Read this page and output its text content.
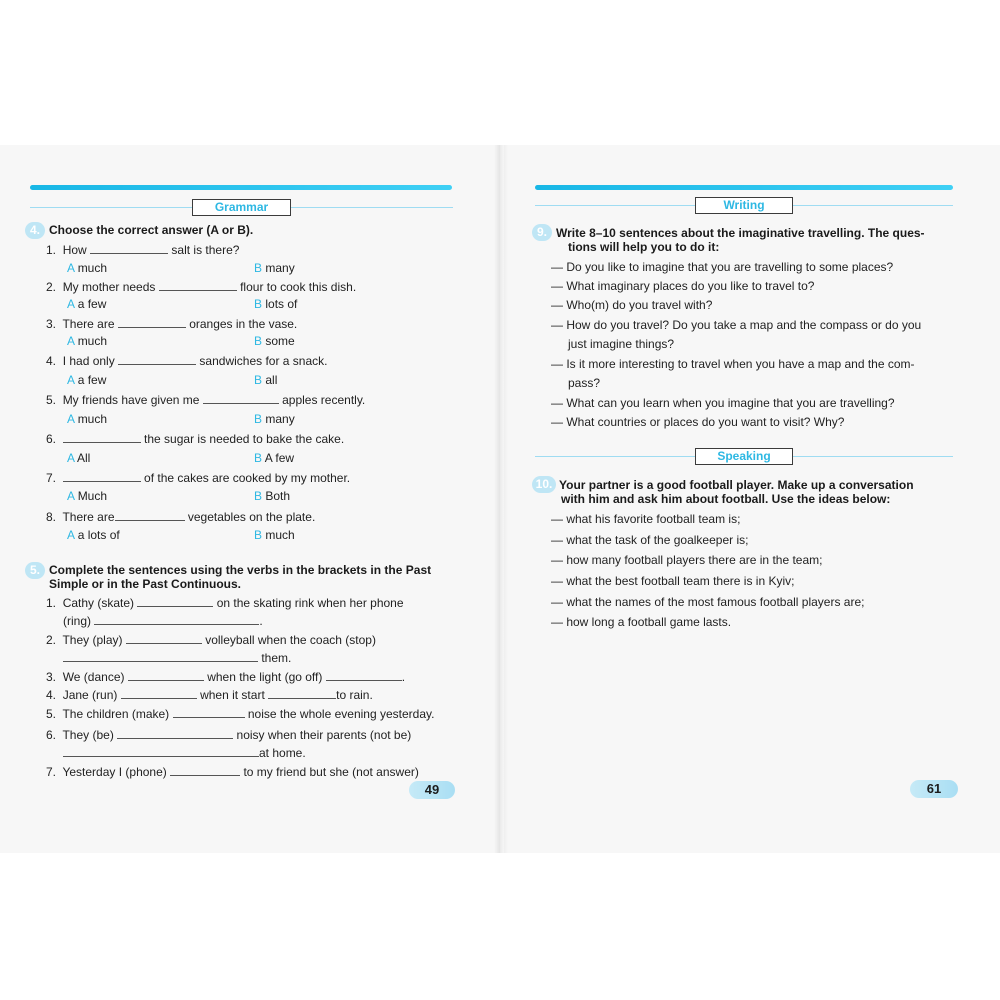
Grammar
4. Choose the correct answer (A or B).
1. How	salt is there?
A much	B many
2. My mother needs	flour to cook this dish.
A a few	B lots of
3. There are	oranges in the vase.
A much	B some
4. I had only	sandwiches for a snack.
A a few	B all
5. My friends have given me	apples recently.
A much	B many
6.	the sugar is needed to bake the cake.
A All	B A few
7.	of the cakes are cooked by my mother.
A Much	B Both
8. There are	vegetables on the plate.
A a lots of	B much
5. Complete the sentences using the verbs in the brackets in the Past
Simple or in the Past Continuous.
1. Cathy (skate)	on the skating rink when her phone
(ring)	.
2. They (play)	volleyball when the coach (stop)
them.
3. We (dance)	when the light (go off)	.
4. Jane (run)	when it start	to rain.
5. The children (make)	noise the whole evening yesterday.
6. They (be)	noisy when their parents (not be)
at home.
7. Yesterday I (phone)	to my friend but she (not answer)
49
Writing
9. Write 8–10 sentences about the imaginative travelling. The ques-
tions will help you to do it:
— Do you like to imagine that you are travelling to some places?
— What imaginary places do you like to travel to?
— Who(m) do you travel with?
— How do you travel? Do you take a map and the compass or do you
just imagine things?
— Is it more interesting to travel when you have a map and the com-
pass?
— What can you learn when you imagine that you are travelling?
— What countries or places do you want to visit? Why?
Speaking
10. Your partner is a good football player. Make up a conversation
with him and ask him about football. Use the ideas below:
— what his favorite football team is;
— what the task of the goalkeeper is;
— how many football players there are in the team;
— what the best football team there is in Kyiv;
— what the names of the most famous football players are;
— how long a football game lasts.
61
